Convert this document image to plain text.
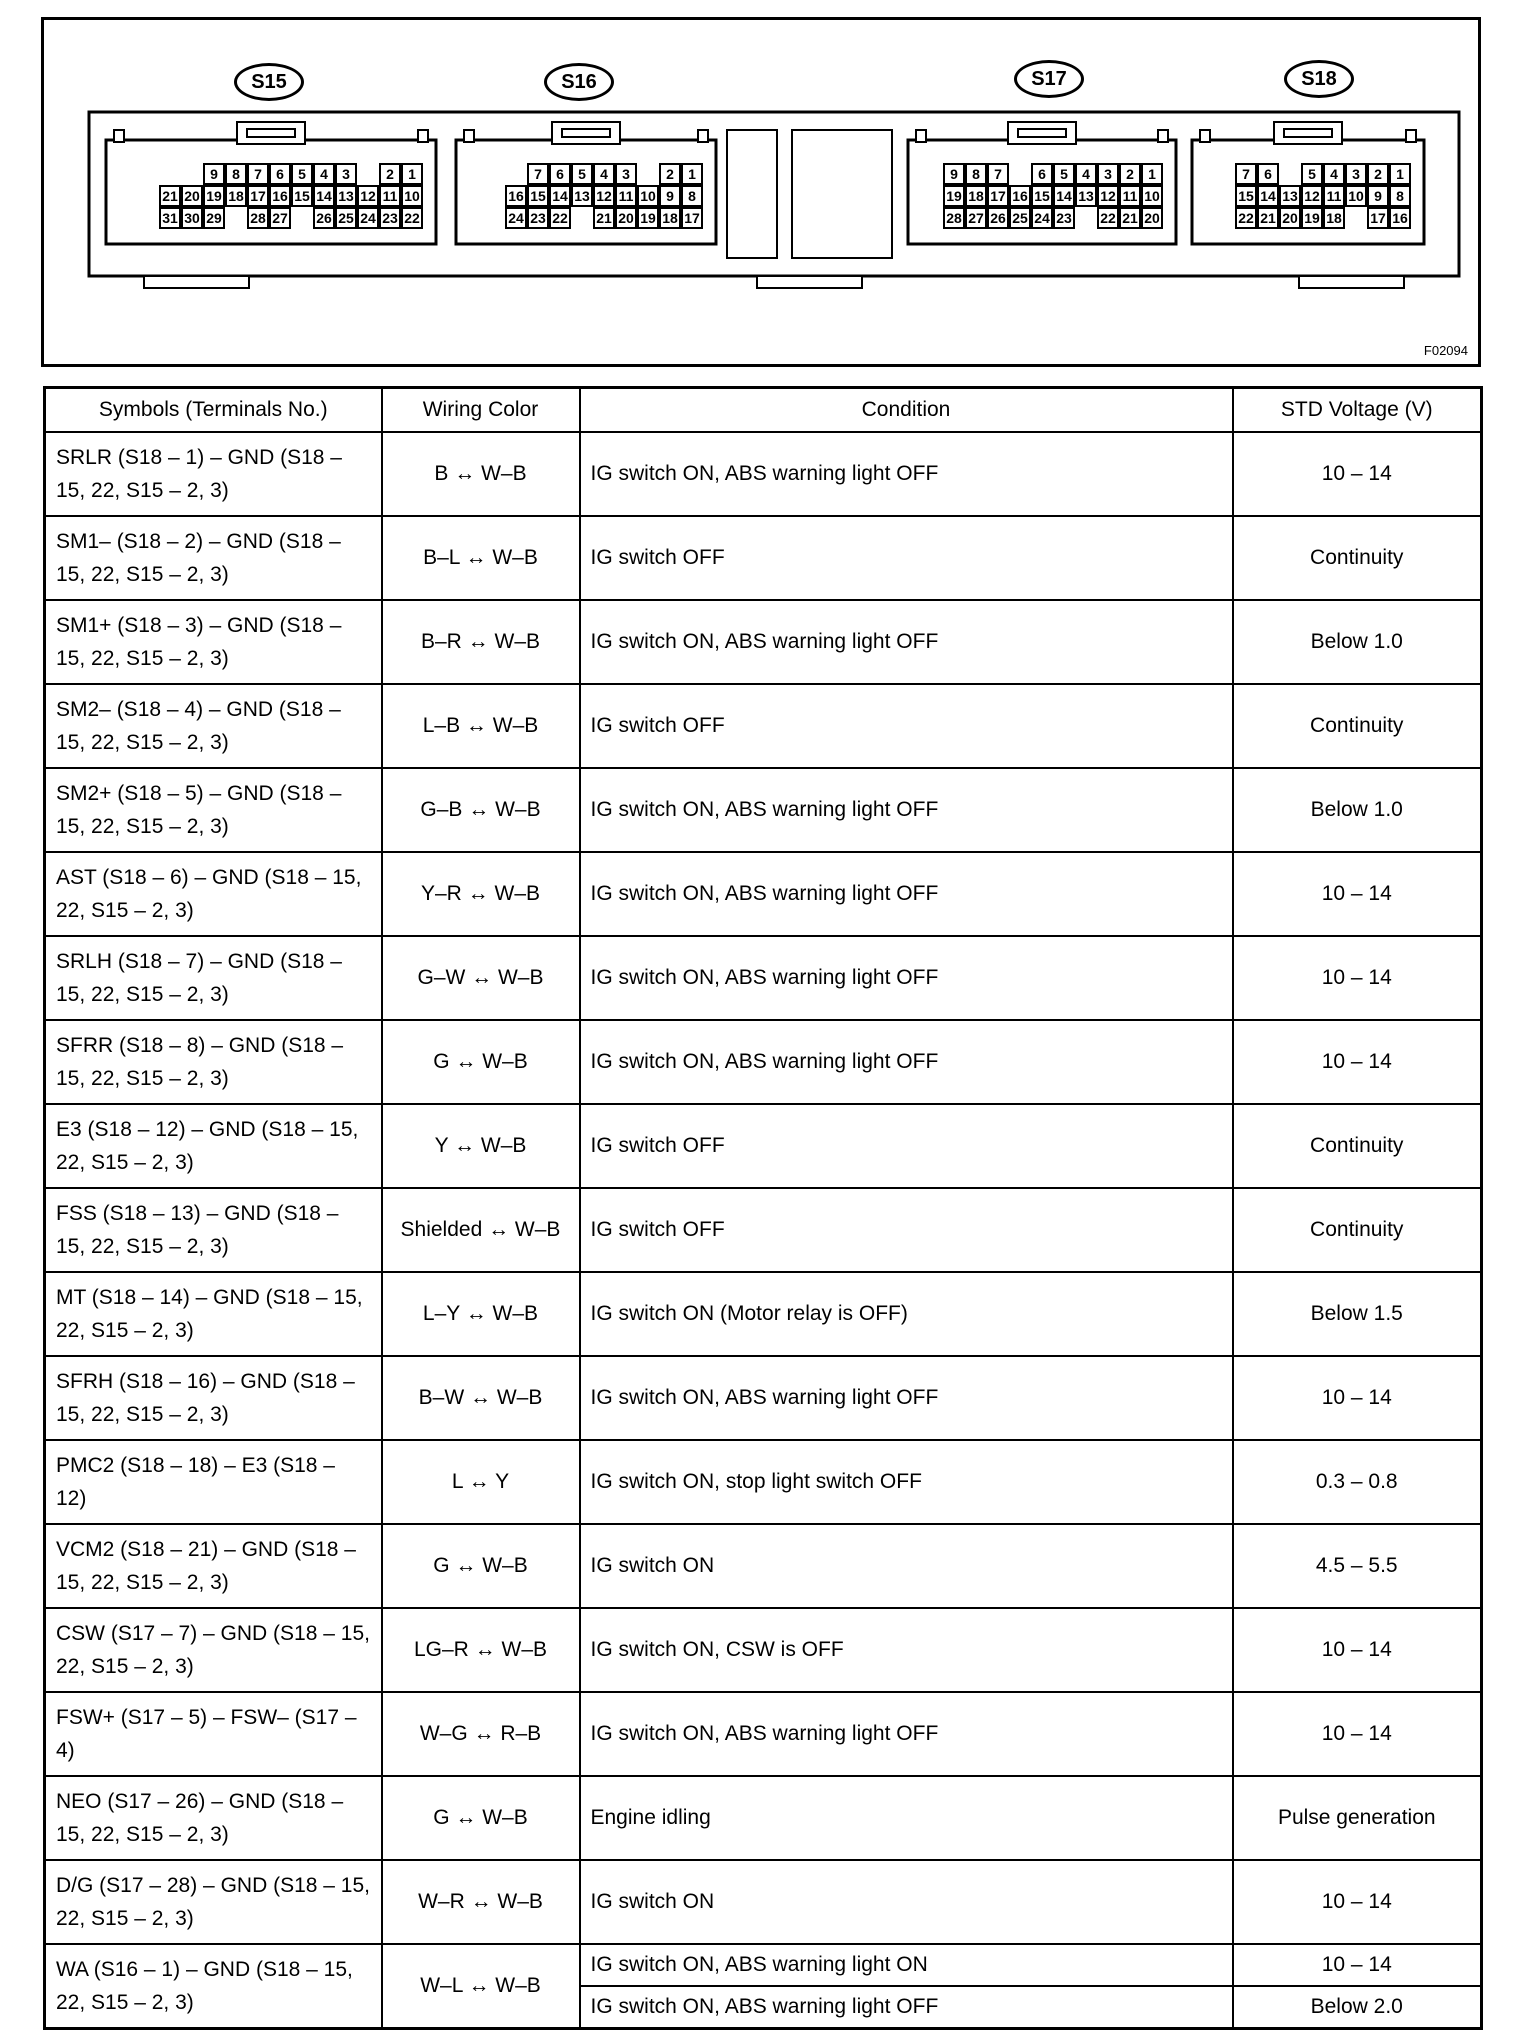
9 8 7 6 5 4 3	2 1
21 20 19 18 17 16 15 14 13 12 11 10
31 30 29 28 27 26 25 24 23 22
7 6 5 4 3	2 1
16 15 14 13 12 11 10 9 8
24 23 22 21 20 19 18 17
9 8 7	6 5 4 3 2 1
19 18 17 16 15 14 13 12 11 10
28 27 26 25 24 23 22 21 20
7 6	5 4 3 2 1
15 14 13 12 11 10 9 8
22 21 20 19 18 17 16
S15	S16	S17	S18
F02094
Symbols (Terminals No.)	Wiring Color	Condition	STD Voltage (V)
SRLR (S18 – 1) – GND (S18 – 15, 22, S15 – 2, 3)	B ↔ W–B	IG switch ON, ABS warning light OFF	10 – 14
SM1– (S18 – 2) – GND (S18 – 15, 22, S15 – 2, 3)	B–L ↔ W–B	IG switch OFF	Continuity
SM1+ (S18 – 3) – GND (S18 – 15, 22, S15 – 2, 3)	B–R ↔ W–B	IG switch ON, ABS warning light OFF	Below 1.0
SM2– (S18 – 4) – GND (S18 – 15, 22, S15 – 2, 3)	L–B ↔ W–B	IG switch OFF	Continuity
SM2+ (S18 – 5) – GND (S18 – 15, 22, S15 – 2, 3)	G–B ↔ W–B	IG switch ON, ABS warning light OFF	Below 1.0
AST (S18 – 6) – GND (S18 – 15, 22, S15 – 2, 3)	Y–R ↔ W–B	IG switch ON, ABS warning light OFF	10 – 14
SRLH (S18 – 7) – GND (S18 – 15, 22, S15 – 2, 3)	G–W ↔ W–B	IG switch ON, ABS warning light OFF	10 – 14
SFRR (S18 – 8) – GND (S18 – 15, 22, S15 – 2, 3)	G ↔ W–B	IG switch ON, ABS warning light OFF	10 – 14
E3 (S18 – 12) – GND (S18 – 15, 22, S15 – 2, 3)	Y ↔ W–B	IG switch OFF	Continuity
FSS (S18 – 13) – GND (S18 – 15, 22, S15 – 2, 3)	Shielded ↔ W–B	IG switch OFF	Continuity
MT (S18 – 14) – GND (S18 – 15, 22, S15 – 2, 3)	L–Y ↔ W–B	IG switch ON (Motor relay is OFF)	Below 1.5
SFRH (S18 – 16) – GND (S18 – 15, 22, S15 – 2, 3)	B–W ↔ W–B	IG switch ON, ABS warning light OFF	10 – 14
PMC2 (S18 – 18) – E3 (S18 – 12)	L ↔ Y	IG switch ON, stop light switch OFF	0.3 – 0.8
VCM2 (S18 – 21) – GND (S18 – 15, 22, S15 – 2, 3)	G ↔ W–B	IG switch ON	4.5 – 5.5
CSW (S17 – 7) – GND (S18 – 15, 22, S15 – 2, 3)	LG–R ↔ W–B	IG switch ON, CSW is OFF	10 – 14
FSW+ (S17 – 5) – FSW– (S17 – 4)	W–G ↔ R–B	IG switch ON, ABS warning light OFF	10 – 14
NEO (S17 – 26) – GND (S18 – 15, 22, S15 – 2, 3)	G ↔ W–B	Engine idling	Pulse generation
D/G (S17 – 28) – GND (S18 – 15, 22, S15 – 2, 3)	W–R ↔ W–B	IG switch ON	10 – 14
WA (S16 – 1) – GND (S18 – 15, 22, S15 – 2, 3)	W–L ↔ W–B	IG switch ON, ABS warning light ON	10 – 14
		IG switch ON, ABS warning light OFF	Below 2.0
